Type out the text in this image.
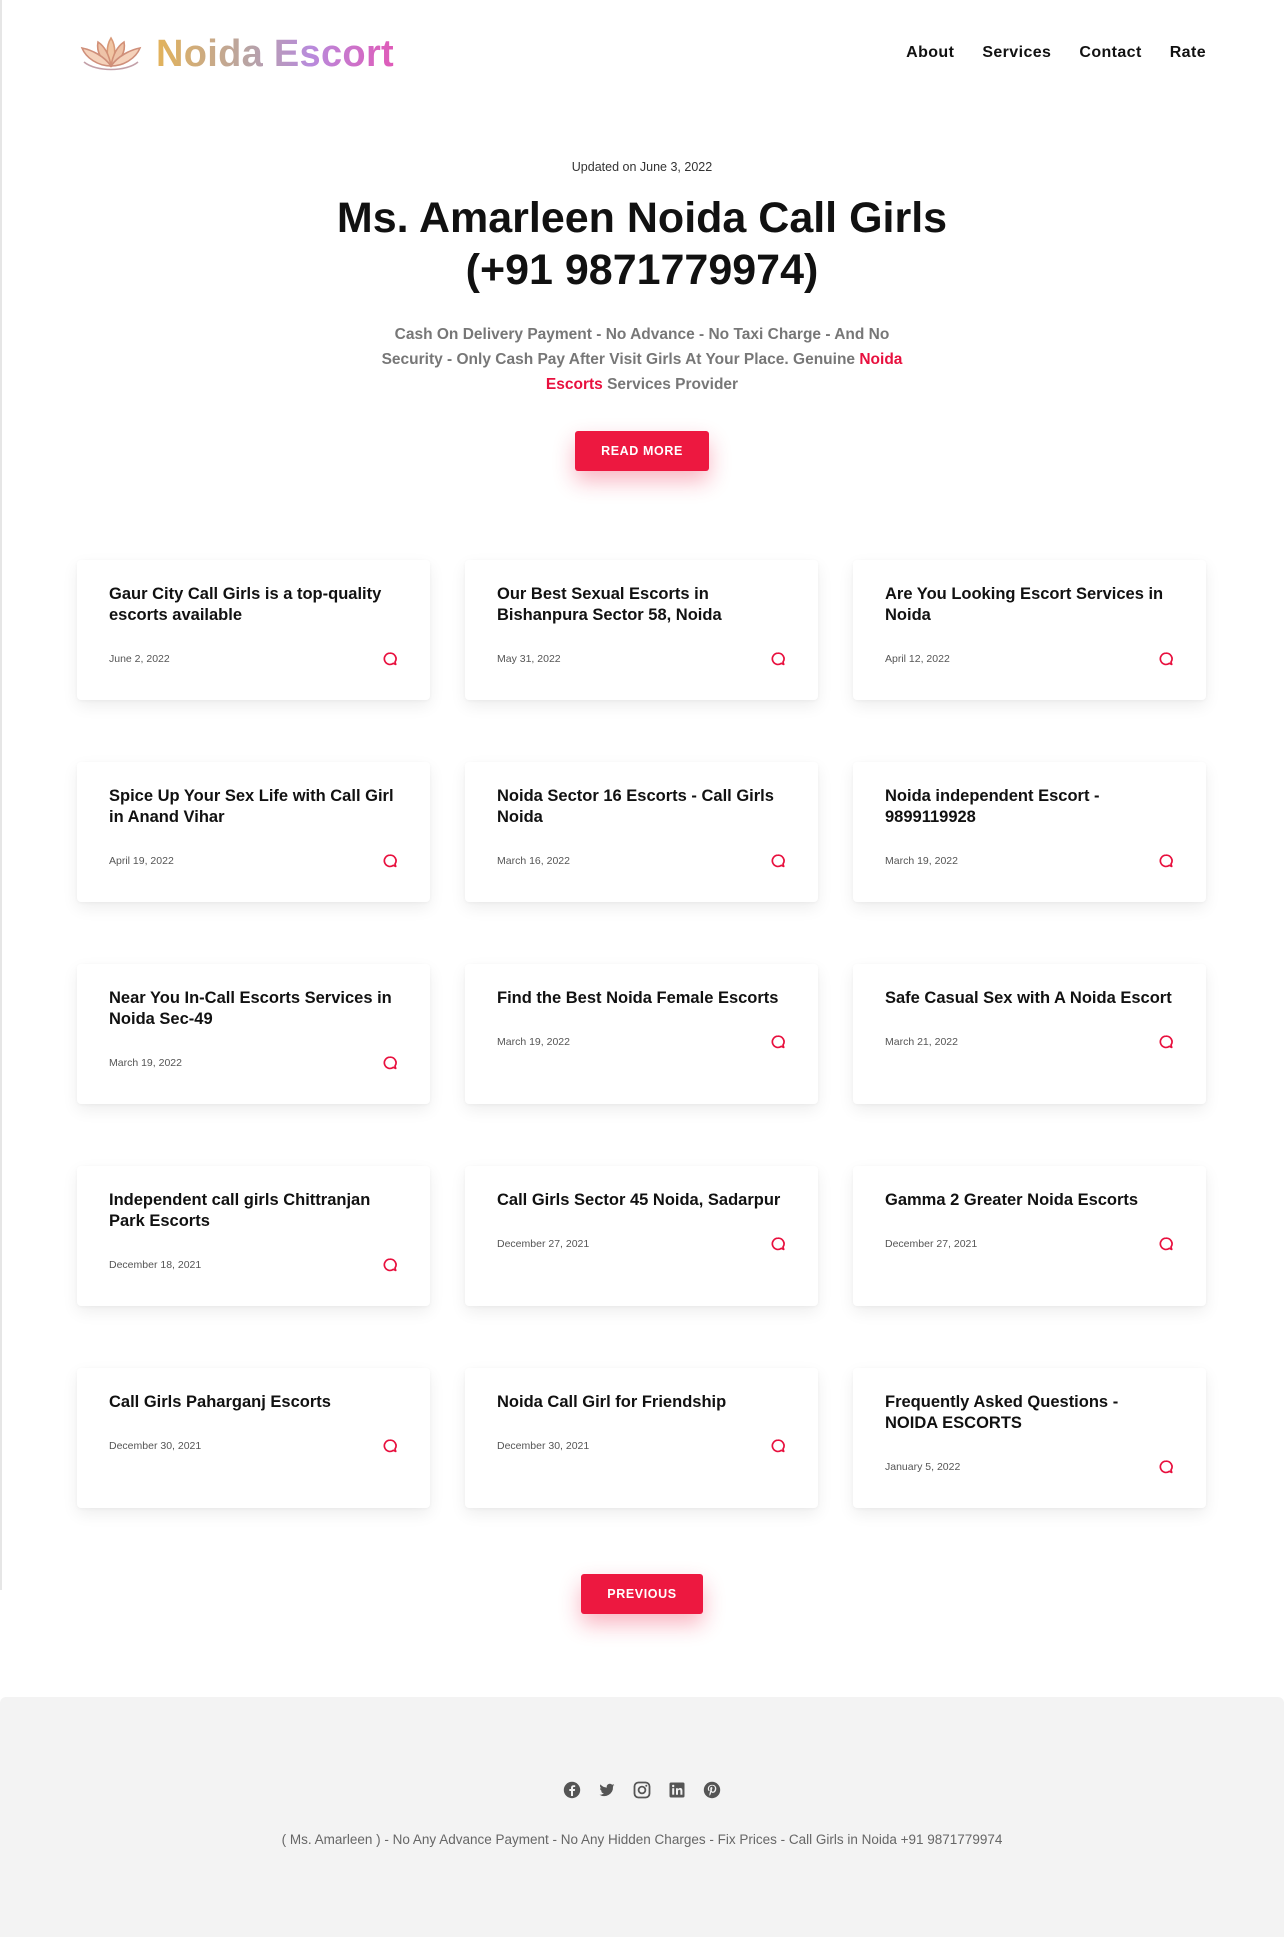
Noida Escort	About Services Contact Rate

Updated on June 3, 2022

Ms. Amarleen Noida Call Girls (+91 9871779974)

Cash On Delivery Payment - No Advance - No Taxi Charge - And No Security - Only Cash Pay After Visit Girls At Your Place. Genuine Noida Escorts Services Provider

READ MORE
Gaur City Call Girls is a top-quality escorts available
June 2, 2022
Our Best Sexual Escorts in Bishanpura Sector 58, Noida
May 31, 2022
Are You Looking Escort Services in Noida
April 12, 2022
Spice Up Your Sex Life with Call Girl in Anand Vihar
April 19, 2022
Noida Sector 16 Escorts - Call Girls Noida
March 16, 2022
Noida independent Escort - 9899119928
March 19, 2022
Near You In-Call Escorts Services in Noida Sec-49
March 19, 2022
Find the Best Noida Female Escorts
March 19, 2022
Safe Casual Sex with A Noida Escort
March 21, 2022
Independent call girls Chittranjan Park Escorts
December 18, 2021
Call Girls Sector 45 Noida, Sadarpur
December 27, 2021
Gamma 2 Greater Noida Escorts
December 27, 2021
Call Girls Paharganj Escorts
December 30, 2021
Noida Call Girl for Friendship
December 30, 2021
Frequently Asked Questions - NOIDA ESCORTS
January 5, 2022
PREVIOUS

( Ms. Amarleen ) - No Any Advance Payment - No Any Hidden Charges - Fix Prices - Call Girls in Noida +91 9871779974
